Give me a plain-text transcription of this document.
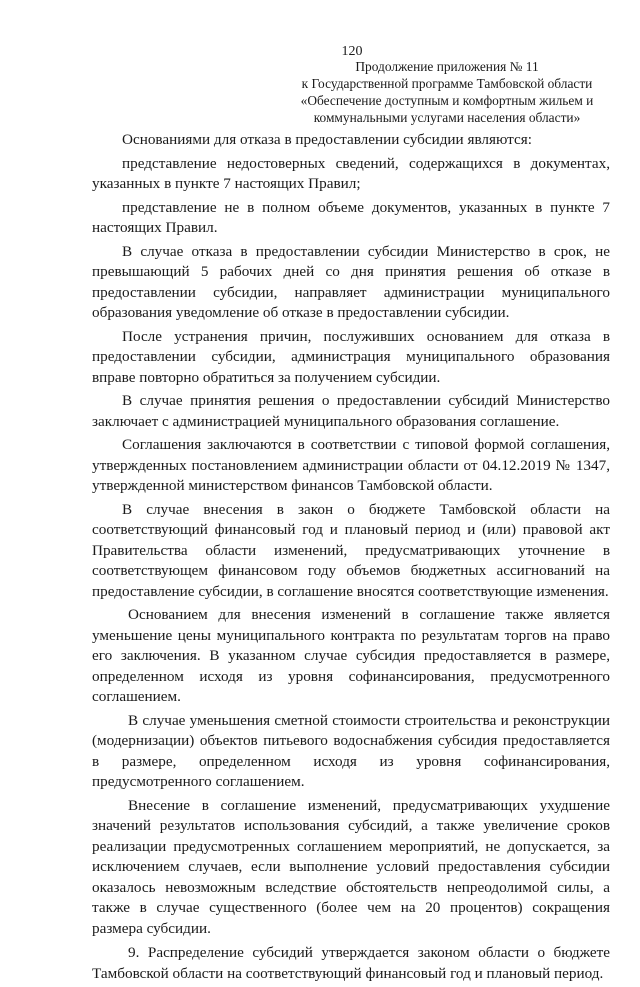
120
Продолжение приложения № 11
к Государственной программе Тамбовской области
«Обеспечение доступным и комфортным жильем и
коммунальными услугами населения области»

Основаниями для отказа в предоставлении субсидии являются:

представление недостоверных сведений, содержащихся в документах, указанных в пункте 7 настоящих Правил;

представление не в полном объеме документов, указанных в пункте 7 настоящих Правил.

В случае отказа в предоставлении субсидии Министерство в срок, не превышающий 5 рабочих дней со дня принятия решения об отказе в предоставлении субсидии, направляет администрации муниципального образования уведомление об отказе в предоставлении субсидии.

После устранения причин, послуживших основанием для отказа в предоставлении субсидии, администрация муниципального образования вправе повторно обратиться за получением субсидии.

В случае принятия решения о предоставлении субсидий Министерство заключает с администрацией муниципального образования соглашение.

Соглашения заключаются в соответствии с типовой формой соглашения, утвержденных постановлением администрации области от 04.12.2019 № 1347, утвержденной министерством финансов Тамбовской области.

В случае внесения в закон о бюджете Тамбовской области на соответствующий финансовый год и плановый период и (или) правовой акт Правительства области изменений, предусматривающих уточнение в соответствующем финансовом году объемов бюджетных ассигнований на предоставление субсидии, в соглашение вносятся соответствующие изменения.

Основанием для внесения изменений в соглашение также является уменьшение цены муниципального контракта по результатам торгов на право его заключения. В указанном случае субсидия предоставляется в размере, определенном исходя из уровня софинансирования, предусмотренного соглашением.

В случае уменьшения сметной стоимости строительства и реконструкции (модернизации) объектов питьевого водоснабжения субсидия предоставляется в размере, определенном исходя из уровня софинансирования, предусмотренного соглашением.

Внесение в соглашение изменений, предусматривающих ухудшение значений результатов использования субсидий, а также увеличение сроков реализации предусмотренных соглашением мероприятий, не допускается, за исключением случаев, если выполнение условий предоставления субсидии оказалось невозможным вследствие обстоятельств непреодолимой силы, а также в случае существенного (более чем на 20 процентов) сокращения размера субсидии.

9. Распределение субсидий утверждается законом области о бюджете Тамбовской области на соответствующий финансовый год и плановый период.
